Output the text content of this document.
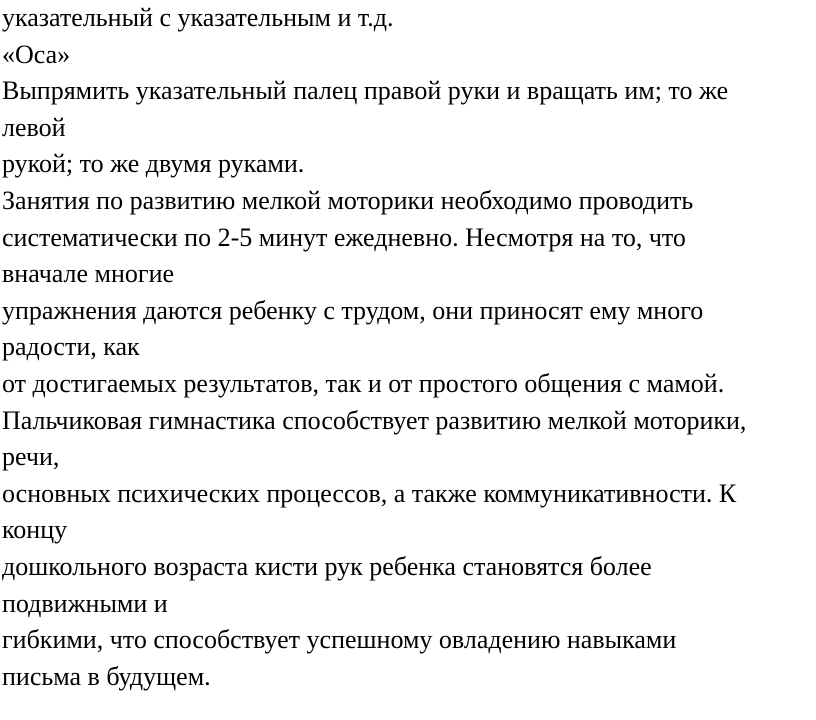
указательный с указательным и т.д.
«Оса»
Выпрямить указательный палец правой руки и вращать им; то же
левой
рукой; то же двумя руками.
Занятия по развитию мелкой моторики необходимо проводить
систематически по 2-5 минут ежедневно. Несмотря на то, что
вначале многие
упражнения даются ребенку с трудом, они приносят ему много
радости, как
от достигаемых результатов, так и от простого общения с мамой.
Пальчиковая гимнастика способствует развитию мелкой моторики,
речи,
основных психических процессов, а также коммуникативности. К
концу
дошкольного возраста кисти рук ребенка становятся более
подвижными и
гибкими, что способствует успешному овладению навыками
письма в будущем.
